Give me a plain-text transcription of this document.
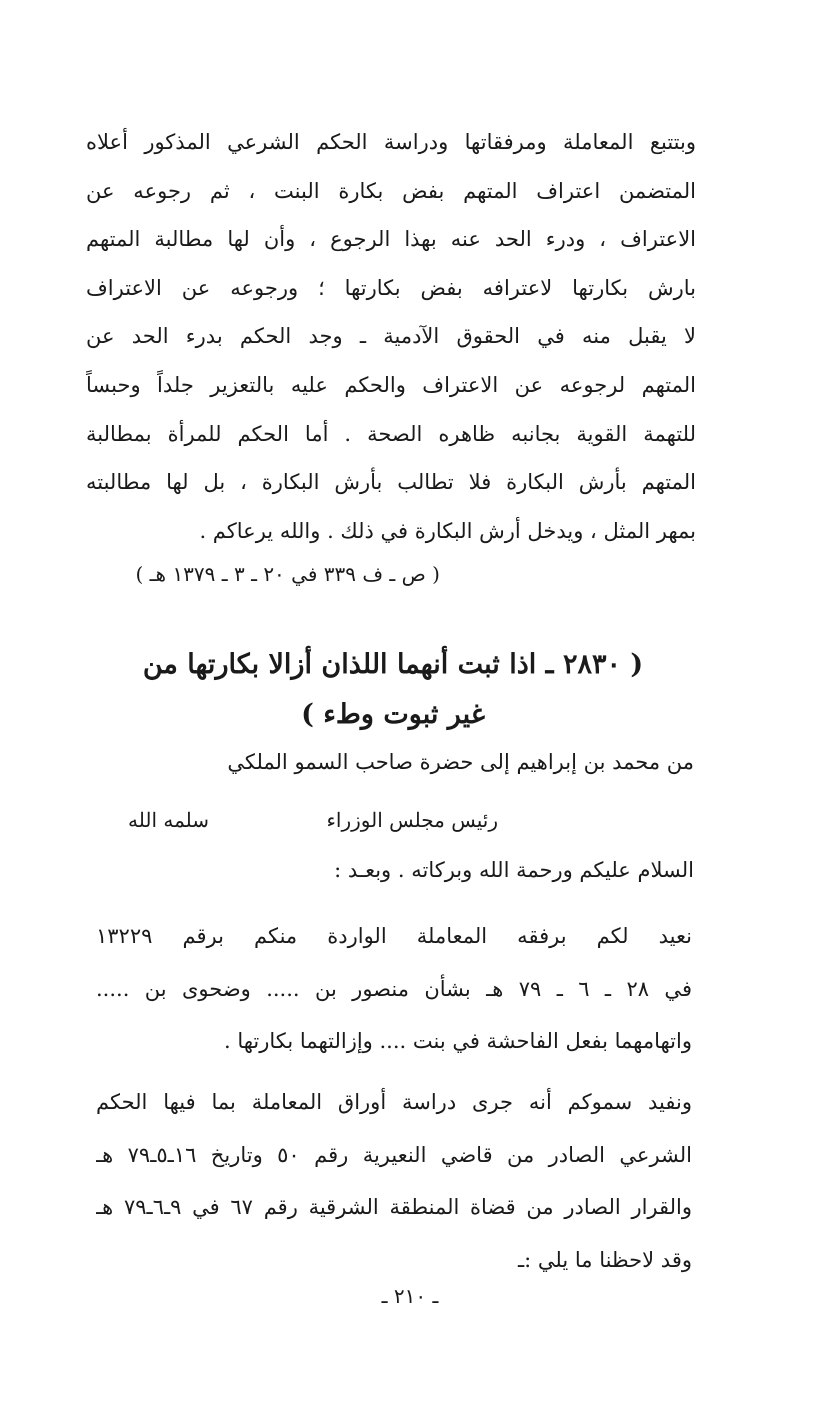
وبتتبع المعاملة ومرفقاتها ودراسة الحكم الشرعي المذكور أعلاه
المتضمن اعتراف المتهم بفض بكارة البنت ، ثم رجوعه عن
الاعتراف ، ودرء الحد عنه بهذا الرجوع ، وأن لها مطالبة المتهم
بارش بكارتها لاعترافه بفض بكارتها ؛ ورجوعه عن الاعتراف
لا يقبل منه في الحقوق الآدمية ـ وجد الحكم بدرء الحد عن
المتهم لرجوعه عن الاعتراف والحكم عليه بالتعزير جلداً وحبساً
للتهمة القوية بجانبه ظاهره الصحة . أما الحكم للمرأة بمطالبة
المتهم بأرش البكارة فلا تطالب بأرش البكارة ، بل لها مطالبته
بمهر المثل ، ويدخل أرش البكارة في ذلك . والله يرعاكم .
( ص ـ ف ٣٣٩ في ٢٠ ـ ٣ ـ ١٣٧٩ هـ )
( ٢٨٣٠ ـ اذا ثبت أنهما اللذان أزالا بكارتها من
غير ثبوت وطء )
من محمد بن إبراهيم إلى حضرة صاحب السمو الملكي
رئيس مجلس الوزراء
سلمه الله
السلام عليكم ورحمة الله وبركاته . وبعـد :
نعيد لكم برفقه المعاملة الواردة منكم برقم ١٣٢٢٩
في ٢٨ ـ ٦ ـ ٧٩ هـ بشأن منصور بن ..... وضحوى بن .....
واتهامهما بفعل الفاحشة في بنت .... وإزالتهما بكارتها .
ونفيد سموكم أنه جرى دراسة أوراق المعاملة بما فيها الحكم
الشرعي الصادر من قاضي النعيرية رقم ٥٠ وتاريخ ١٦ـ٥ـ٧٩ هـ
والقرار الصادر من قضاة المنطقة الشرقية رقم ٦٧ في ٩ـ٦ـ٧٩ هـ
وقد لاحظنا ما يلي :ـ
ـ ٢١٠ ـ
